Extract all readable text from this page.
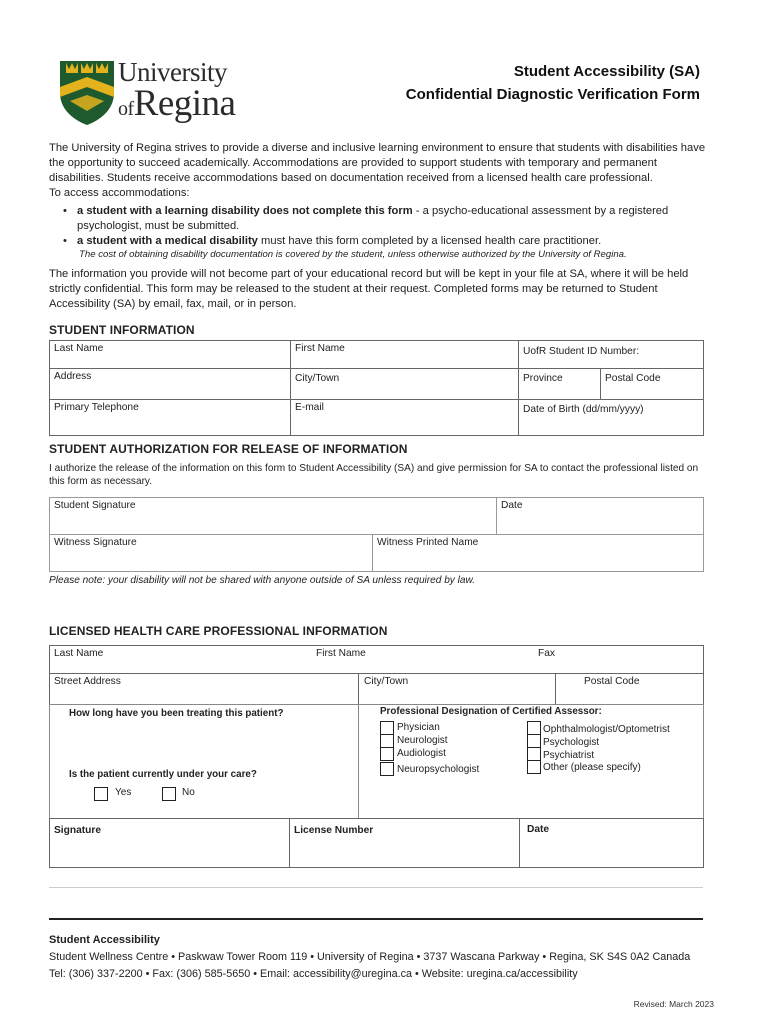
University
ofRegina
Student Accessibility (SA)
Confidential Diagnostic Verification Form
The University of Regina strives to provide a diverse and inclusive learning environment to ensure that students with disabilities have the opportunity to succeed academically. Accommodations are provided to support students with temporary and permanent disabilities. Students receive accommodations based on documentation received from a licensed health care professional.
To access accommodations:
• a student with a learning disability does not complete this form - a psycho-educational assessment by a registered psychologist, must be submitted.
• a student with a medical disability must have this form completed by a licensed health care practitioner.
The cost of obtaining disability documentation is covered by the student, unless otherwise authorized by the University of Regina.
The information you provide will not become part of your educational record but will be kept in your file at SA, where it will be held strictly confidential. This form may be released to the student at their request. Completed forms may be returned to Student Accessibility (SA) by email, fax, mail, or in person.
STUDENT INFORMATION
Last Name	First Name	UofR Student ID Number:
Address	City/Town	Province	Postal Code
Primary Telephone	E-mail	Date of Birth (dd/mm/yyyy)
STUDENT AUTHORIZATION FOR RELEASE OF INFORMATION
I authorize the release of the information on this form to Student Accessibility (SA) and give permission for SA to contact the professional listed on this form as necessary.
Student Signature	Date
Witness Signature	Witness Printed Name
Please note: your disability will not be shared with anyone outside of SA unless required by law.
LICENSED HEALTH CARE PROFESSIONAL INFORMATION
Last Name	First Name	Fax
Street Address	City/Town	Postal Code
How long have you been treating this patient?
Is the patient currently under your care?
Yes	No
Professional Designation of Certified Assessor:
Physician
Neurologist
Audiologist
Neuropsychologist
Ophthalmologist/Optometrist
Psychologist
Psychiatrist
Other (please specify)
Signature	License Number	Date
Student Accessibility
Student Wellness Centre • Paskwaw Tower Room 119 • University of Regina • 3737 Wascana Parkway • Regina, SK S4S 0A2 Canada
Tel: (306) 337-2200 • Fax: (306) 585-5650 • Email: accessibility@uregina.ca • Website: uregina.ca/accessibility
Revised: March 2023
